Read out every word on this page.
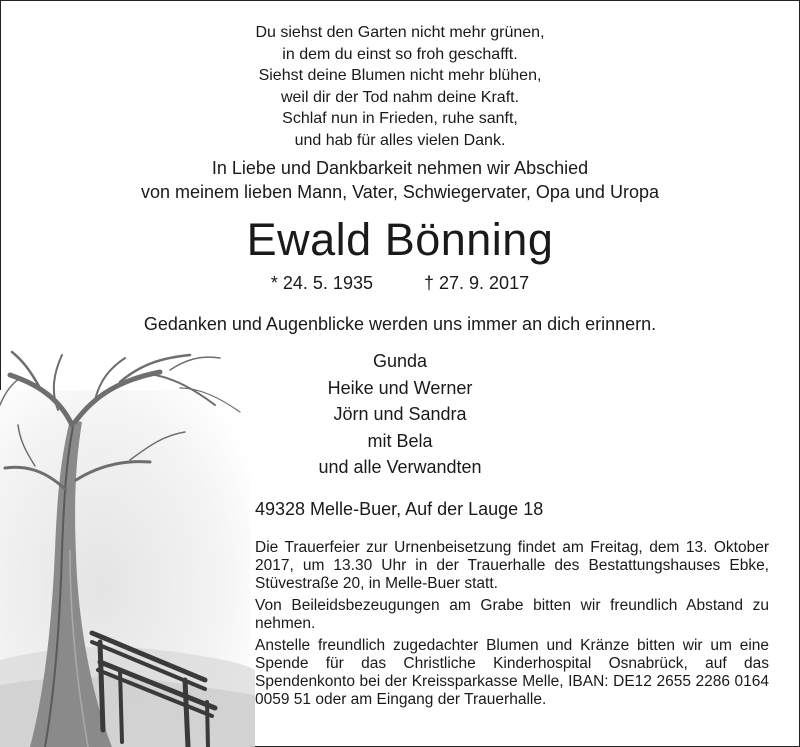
Du siehst den Garten nicht mehr grünen,
in dem du einst so froh geschafft.
Siehst deine Blumen nicht mehr blühen,
weil dir der Tod nahm deine Kraft.
Schlaf nun in Frieden, ruhe sanft,
und hab für alles vielen Dank.
In Liebe und Dankbarkeit nehmen wir Abschied
von meinem lieben Mann, Vater, Schwiegervater, Opa und Uropa
Ewald Bönning
* 24. 5. 1935	† 27. 9. 2017
Gedanken und Augenblicke werden uns immer an dich erinnern.
Gunda
Heike und Werner
Jörn und Sandra
mit Bela
und alle Verwandten
49328 Melle-Buer, Auf der Lauge 18

Die Trauerfeier zur Urnenbeisetzung findet am Freitag, dem 13. Oktober 2017, um 13.30 Uhr in der Trauerhalle des Bestattungshauses Ebke, Stüvestraße 20, in Melle-Buer statt.

Von Beileidsbezeugungen am Grabe bitten wir freundlich Abstand zu nehmen.

Anstelle freundlich zugedachter Blumen und Kränze bitten wir um eine Spende für das Christliche Kinderhospital Osnabrück, auf das Spendenkonto bei der Kreissparkasse Melle, IBAN: DE12 2655 2286 0164 0059 51 oder am Eingang der Trauerhalle.
